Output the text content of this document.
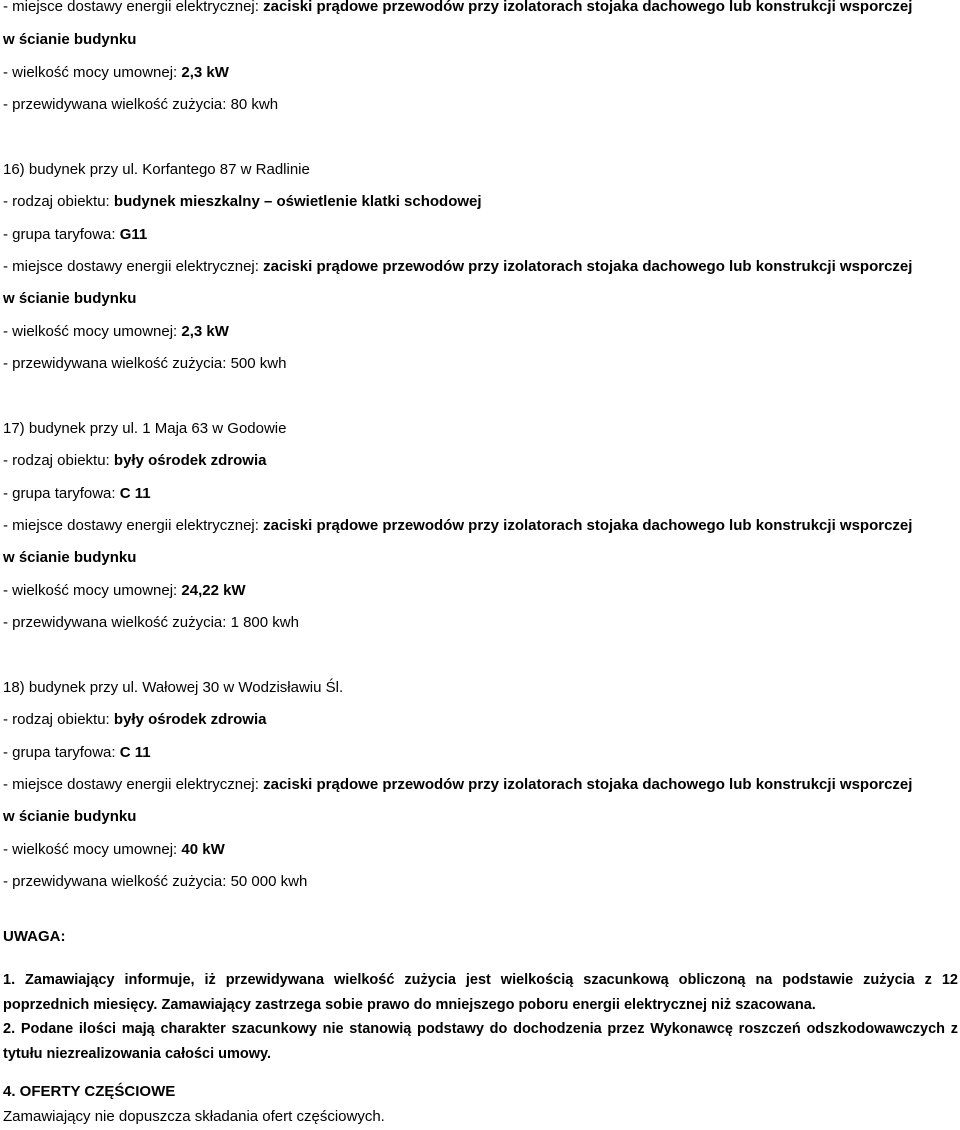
- miejsce dostawy energii elektrycznej: zaciski prądowe przewodów przy izolatorach stojaka dachowego lub konstrukcji wsporczej
w ścianie budynku
- wielkość mocy umownej: 2,3 kW
- przewidywana wielkość zużycia: 80 kwh
16) budynek przy ul. Korfantego 87 w Radlinie
- rodzaj obiektu: budynek mieszkalny – oświetlenie klatki schodowej
- grupa taryfowa: G11
- miejsce dostawy energii elektrycznej: zaciski prądowe przewodów przy izolatorach stojaka dachowego lub konstrukcji wsporczej
w ścianie budynku
- wielkość mocy umownej: 2,3 kW
- przewidywana wielkość zużycia: 500 kwh
17) budynek przy ul. 1 Maja 63 w Godowie
- rodzaj obiektu: były ośrodek zdrowia
- grupa taryfowa: C 11
- miejsce dostawy energii elektrycznej: zaciski prądowe przewodów przy izolatorach stojaka dachowego lub konstrukcji wsporczej
w ścianie budynku
- wielkość mocy umownej: 24,22 kW
- przewidywana wielkość zużycia: 1 800 kwh
18) budynek przy ul. Wałowej 30 w Wodzisławiu Śl.
- rodzaj obiektu: były ośrodek zdrowia
- grupa taryfowa: C 11
- miejsce dostawy energii elektrycznej: zaciski prądowe przewodów przy izolatorach stojaka dachowego lub konstrukcji wsporczej
w ścianie budynku
- wielkość mocy umownej: 40 kW
- przewidywana wielkość zużycia: 50 000 kwh
UWAGA:
1. Zamawiający informuje, iż przewidywana wielkość zużycia jest wielkością szacunkową obliczoną na podstawie zużycia z 12 poprzednich miesięcy. Zamawiający zastrzega sobie prawo do mniejszego poboru energii elektrycznej niż szacowana.
2. Podane ilości mają charakter szacunkowy nie stanowią podstawy do dochodzenia przez Wykonawcę roszczeń odszkodowawczych z tytułu niezrealizowania całości umowy.
4. OFERTY CZĘŚCIOWE
Zamawiający nie dopuszcza składania ofert częściowych.
